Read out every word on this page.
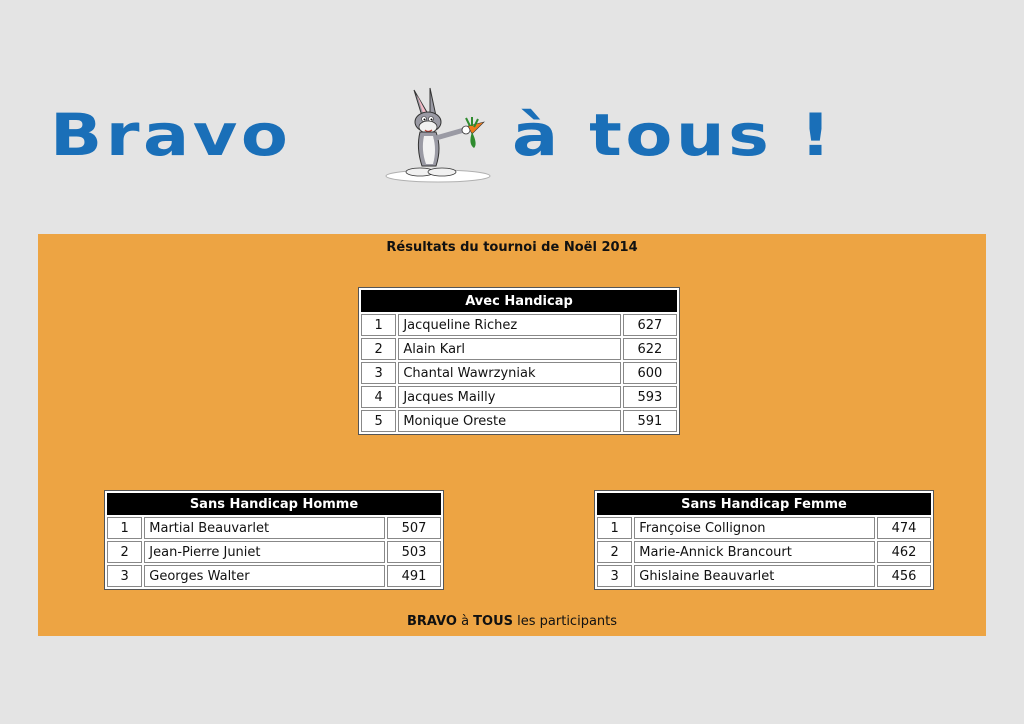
Bravo	à tous !
Résultats du tournoi de Noël 2014
Avec Handicap		
1	Jacqueline Richez	627
2	Alain Karl	622
3	Chantal Wawrzyniak	600
4	Jacques Mailly	593
5	Monique Oreste	591
Sans Handicap Homme		
1	Martial Beauvarlet	507
2	Jean-Pierre Juniet	503
3	Georges Walter	491
Sans Handicap Femme		
1	Françoise Collignon	474
2	Marie-Annick Brancourt	462
3	Ghislaine Beauvarlet	456
BRAVO à TOUS les participants
